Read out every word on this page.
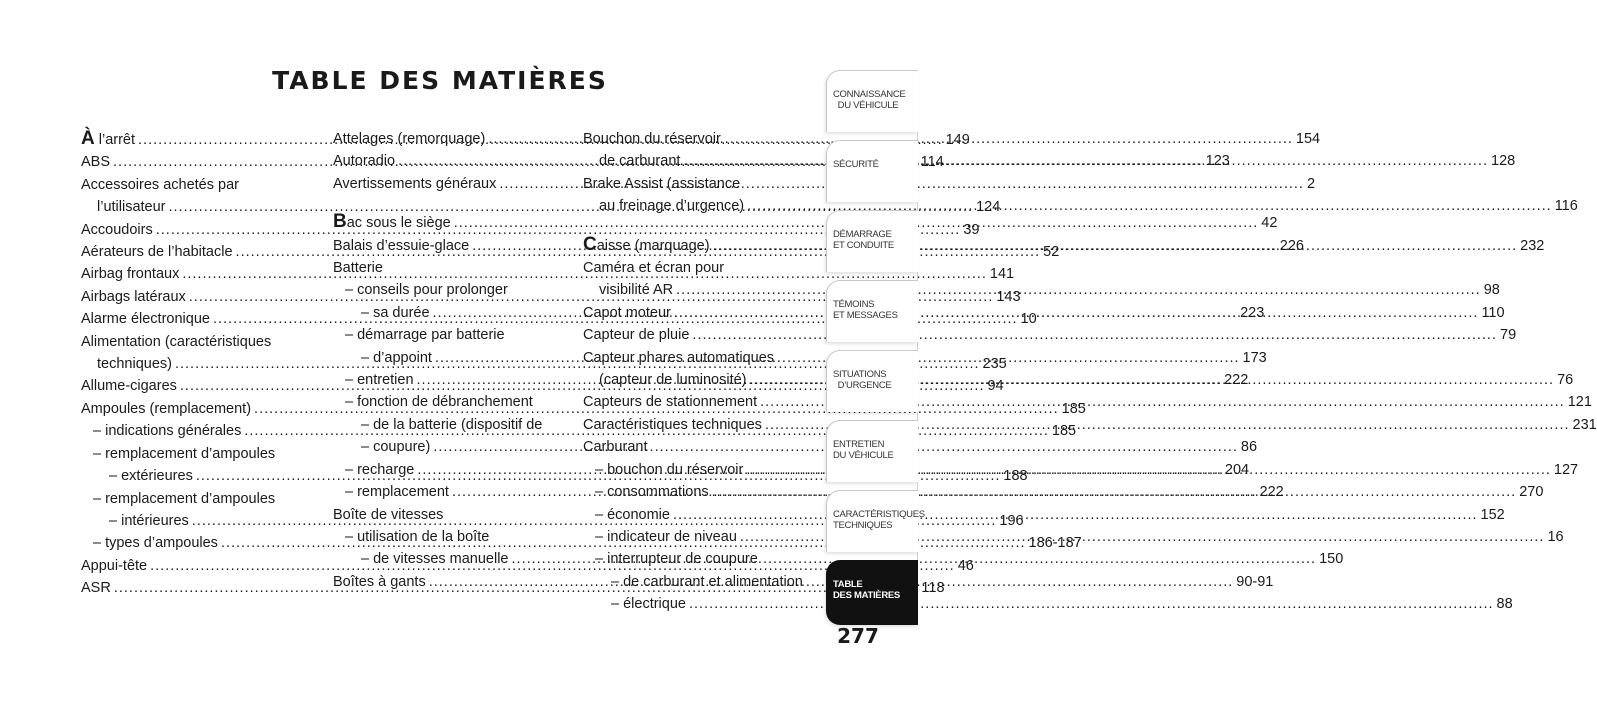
TABLE DES MATIÈRES
À l’arrêt .....	149
ABS .....	114
Accessoires achetés par
l’utilisateur .....	124
Accoudoirs .....	39
Aérateurs de l’habitacle .....	52
Airbag frontaux .....	141
Airbags latéraux .....	143
Alarme électronique .....	10
Alimentation (caractéristiques
techniques) .....	235
Allume-cigares .....	94
Ampoules (remplacement) .....	185
– indications générales .....	185
– remplacement d’ampoules
– extérieures .....	188
– remplacement d’ampoules
– intérieures .....	196
– types d’ampoules .....	186-187
Appui-tête .....	46
ASR .....	118
Attelages (remorquage) .....	154
Autoradio .....	123
Avertissements généraux .....	2
Bac sous le siège .....	42
Balais d’essuie-glace .....	226
Batterie
– conseils pour prolonger
– sa durée .....	223
– démarrage par batterie
– d’appoint .....	173
– entretien .....	222
– fonction de débranchement
– de la batterie (dispositif de
– coupure) .....	86
– recharge .....	204
– remplacement .....	222
Boîte de vitesses
– utilisation de la boîte
– de vitesses manuelle .....	150
Boîtes à gants .....	90-91
Bouchon du réservoir
de carburant .....	128
Brake Assist (assistance
au freinage d’urgence) .....	116
Caisse (marquage) .....	232
Caméra et écran pour
visibilité AR .....	98
Capot moteur .....	110
Capteur de pluie .....	79
Capteur phares automatiques
(capteur de luminosité) .....	76
Capteurs de stationnement .....	121
Caractéristiques techniques .....	231
Carburant
– bouchon du réservoir .....	127
– consommations .....	270
– économie .....	152
– indicateur de niveau .....	16
– interrupteur de coupure
– de carburant et alimentation
– électrique .....	88
CONNAISSANCE
DU VÉHICULE
SÉCURITÉ
DÉMARRAGE
ET CONDUITE
TÉMOINS
ET MESSAGES
SITUATIONS
D’URGENCE
ENTRETIEN
DU VÉHICULE
CARACTÉRISTIQUES
TECHNIQUES
TABLE
DES MATIÈRES
277
